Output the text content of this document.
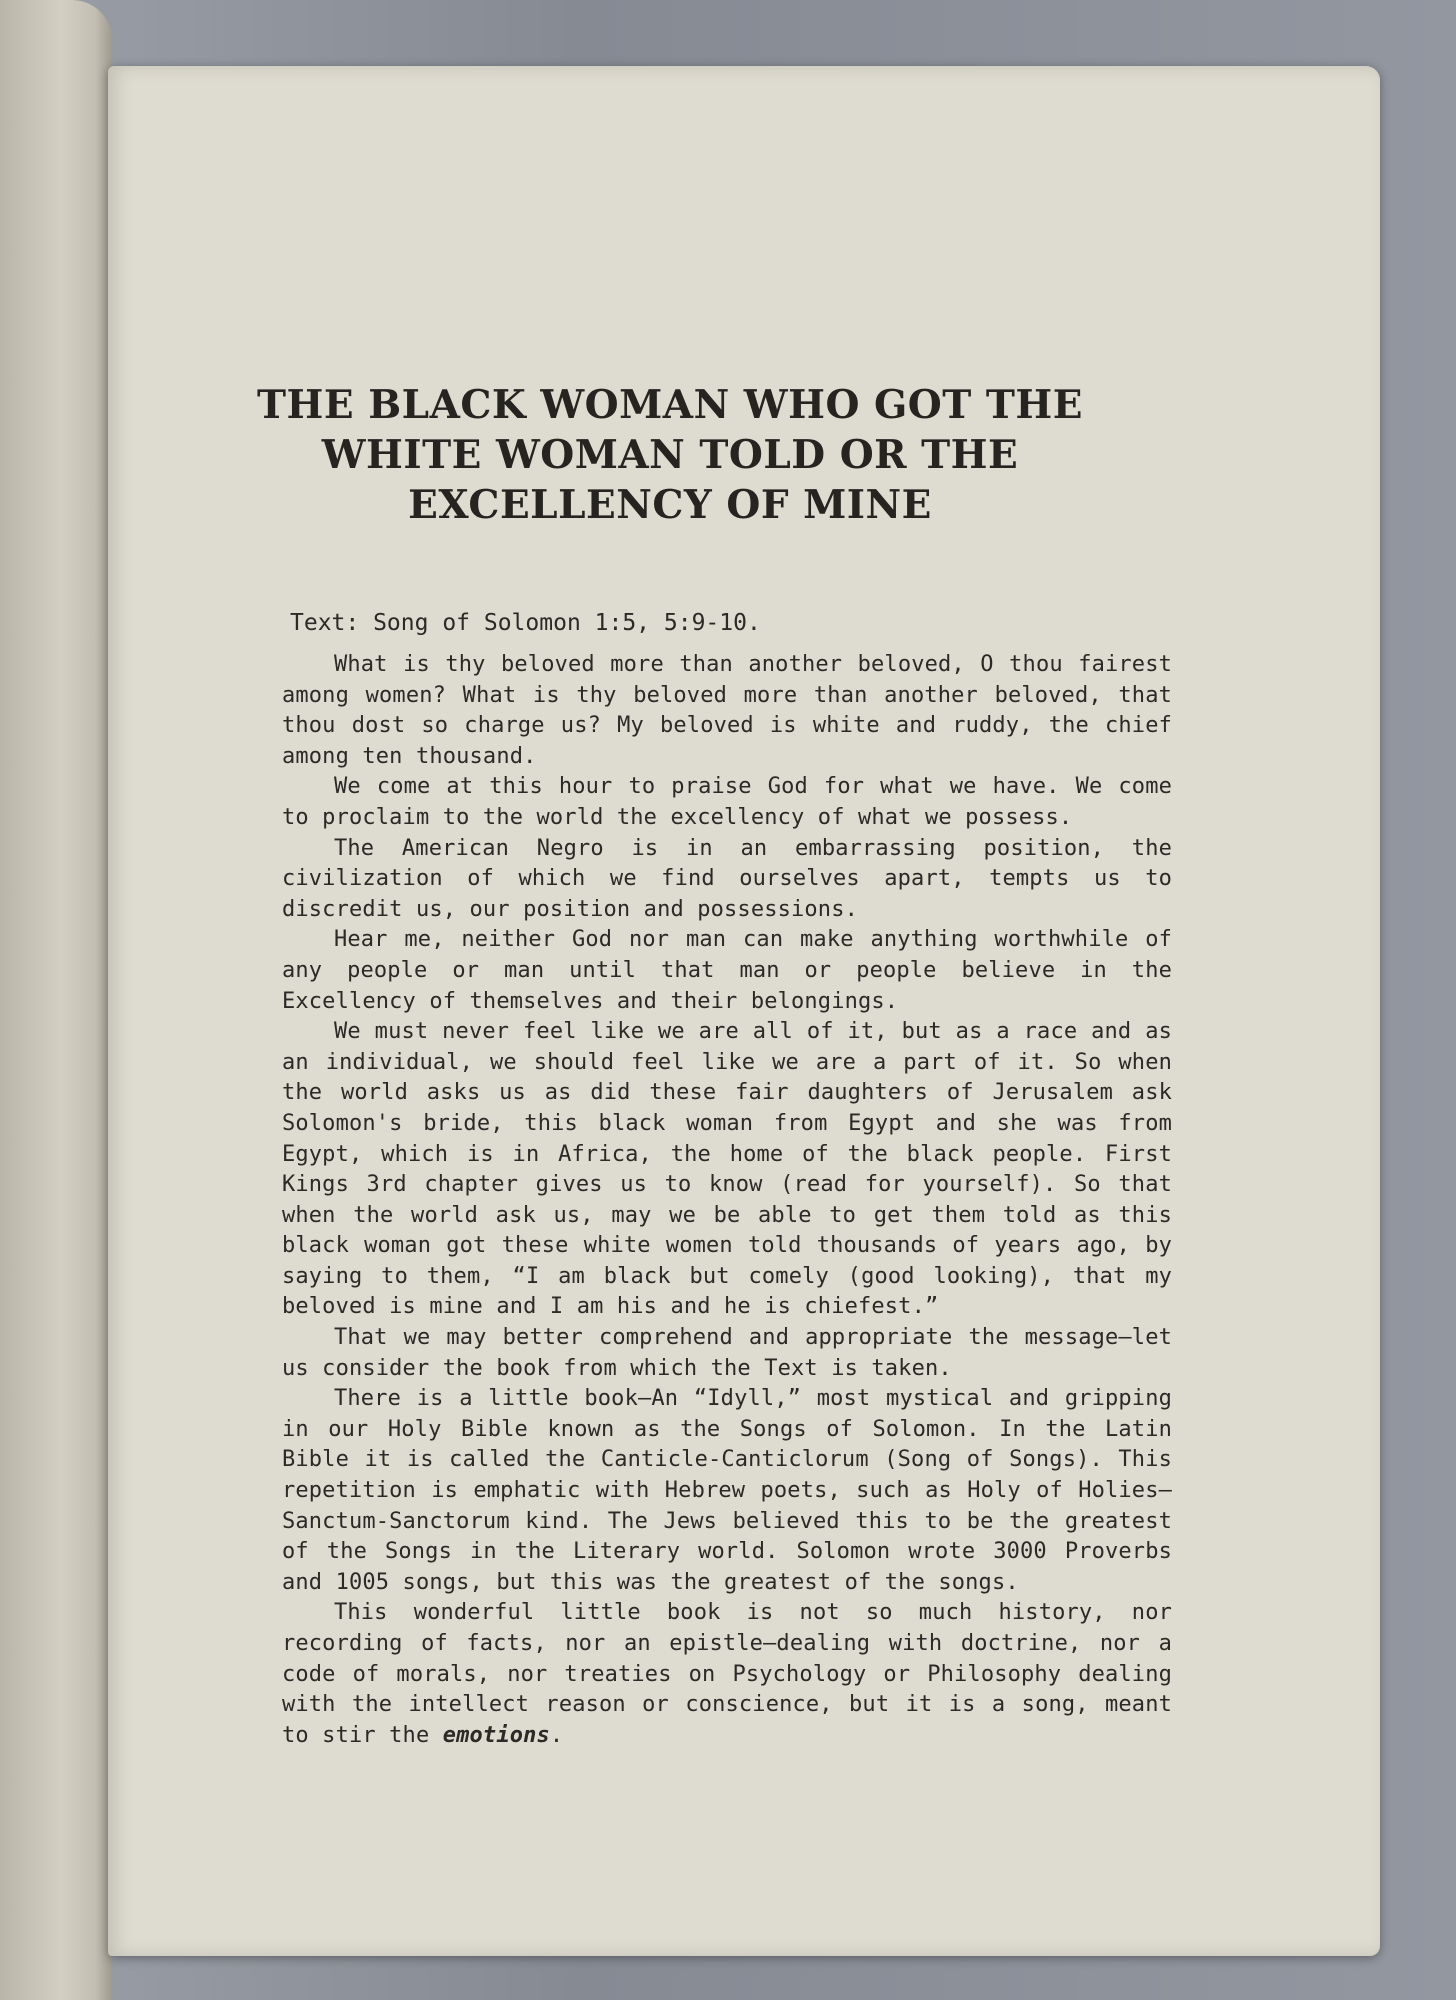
THE BLACK WOMAN WHO GOT THE
WHITE WOMAN TOLD OR THE
EXCELLENCY OF MINE

Text: Song of Solomon 1:5, 5:9-10.

What is thy beloved more than another beloved, O thou fairest among women? What is thy beloved more than another beloved, that thou dost so charge us? My beloved is white and ruddy, the chief among ten thousand.

We come at this hour to praise God for what we have. We come to proclaim to the world the excellency of what we possess.

The American Negro is in an embarrassing position, the civilization of which we find ourselves apart, tempts us to discredit us, our position and possessions.

Hear me, neither God nor man can make anything worthwhile of any people or man until that man or people believe in the Excellency of themselves and their belongings.

We must never feel like we are all of it, but as a race and as an individual, we should feel like we are a part of it. So when the world asks us as did these fair daughters of Jerusalem ask Solomon's bride, this black woman from Egypt and she was from Egypt, which is in Africa, the home of the black people. First Kings 3rd chapter gives us to know (read for yourself). So that when the world ask us, may we be able to get them told as this black woman got these white women told thousands of years ago, by saying to them, “I am black but comely (good looking), that my beloved is mine and I am his and he is chiefest.”

That we may better comprehend and appropriate the message—let us consider the book from which the Text is taken.

There is a little book—An “Idyll,” most mystical and gripping in our Holy Bible known as the Songs of Solomon. In the Latin Bible it is called the Canticle-Canticlorum (Song of Songs). This repetition is emphatic with Hebrew poets, such as Holy of Holies—Sanctum-Sanctorum kind. The Jews believed this to be the greatest of the Songs in the Literary world. Solomon wrote 3000 Proverbs and 1005 songs, but this was the greatest of the songs.

This wonderful little book is not so much history, nor recording of facts, nor an epistle—dealing with doctrine, nor a code of morals, nor treaties on Psychology or Philosophy dealing with the intellect reason or conscience, but it is a song, meant to stir the emotions.
